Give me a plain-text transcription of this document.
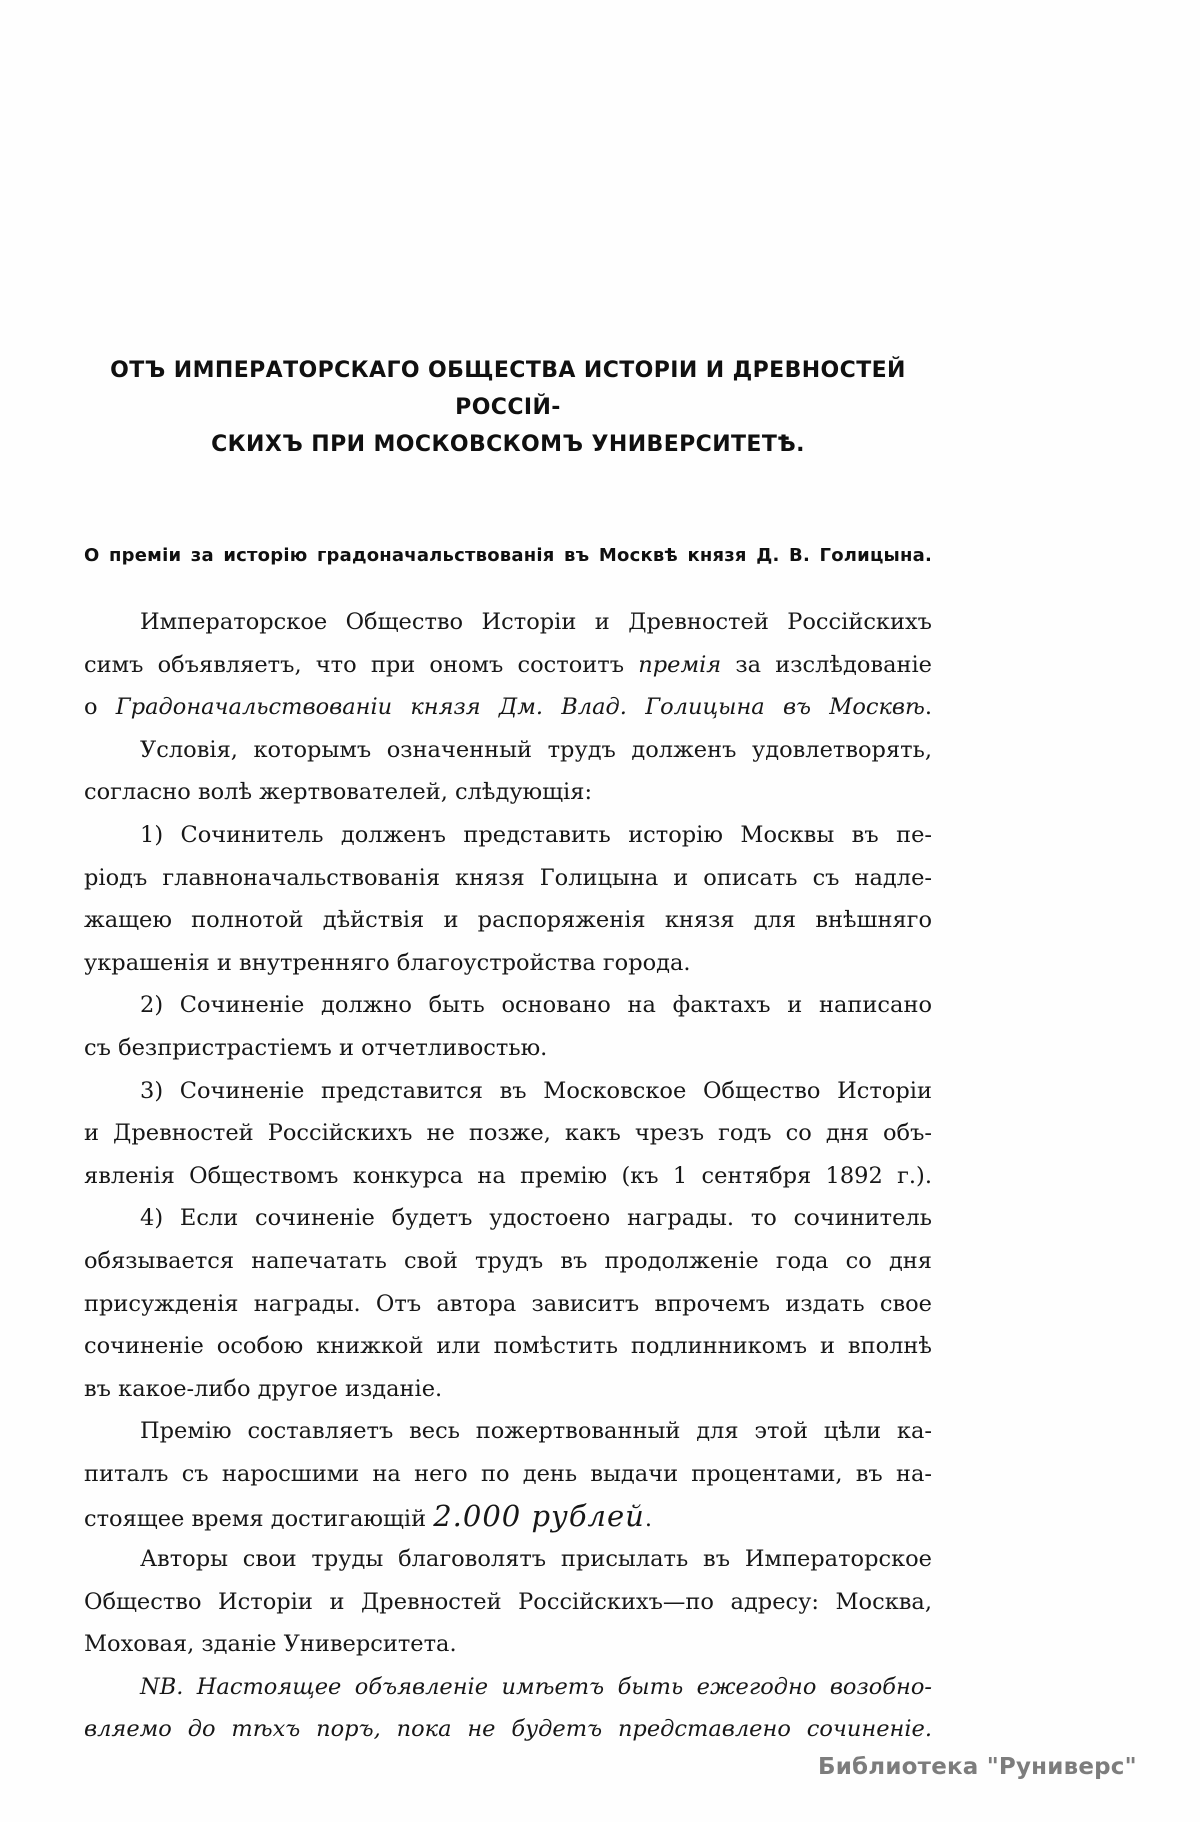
ОТЪ ИМПЕРАТОРСКАГО ОБЩЕСТВА ИСТОРІИ И ДРЕВНОСТЕЙ РОССІЙ-
СКИХЪ ПРИ МОСКОВСКОМЪ УНИВЕРСИТЕТѢ.
О преміи за исторію градоначальствованія въ Москвѣ князя Д. В. Голицына.
Императорское Общество Исторіи и Древностей Россійскихъ
симъ объявляетъ, что при ономъ состоитъ премія за изслѣдованіе
о Градоначальствованіи князя Дм. Влад. Голицына въ Москвѣ.
Условія, которымъ означенный трудъ долженъ удовлетворять,
согласно волѣ жертвователей, слѣдующія:
1) Сочинитель долженъ представить исторію Москвы въ пе-
ріодъ главноначальствованія князя Голицына и описать съ надле-
жащею полнотой дѣйствія и распоряженія князя для внѣшняго
украшенія и внутренняго благоустройства города.
2) Сочиненіе должно быть основано на фактахъ и написано
съ безпристрастіемъ и отчетливостью.
3) Сочиненіе представится въ Московское Общество Исторіи
и Древностей Россійскихъ не позже, какъ чрезъ годъ со дня объ-
явленія Обществомъ конкурса на премію (къ 1 сентября 1892 г.).
4) Если сочиненіе будетъ удостоено награды. то сочинитель
обязывается напечатать свой трудъ въ продолженіе года со дня
присужденія награды. Отъ автора зависитъ впрочемъ издать свое
сочиненіе особою книжкой или помѣстить подлинникомъ и вполнѣ
въ какое-либо другое изданіе.
Премію составляетъ весь пожертвованный для этой цѣли ка-
питалъ съ наросшими на него по день выдачи процентами, въ на-
стоящее время достигающій 2.000 рублей.
Авторы свои труды благоволятъ присылать въ Императорское
Общество Исторіи и Древностей Россійскихъ—по адресу: Москва,
Моховая, зданіе Университета.
NB. Настоящее объявленіе имѣетъ быть ежегодно возобно-
вляемо до тѣхъ поръ, пока не будетъ представлено сочиненіе.
Библиотека "Руниверс"
